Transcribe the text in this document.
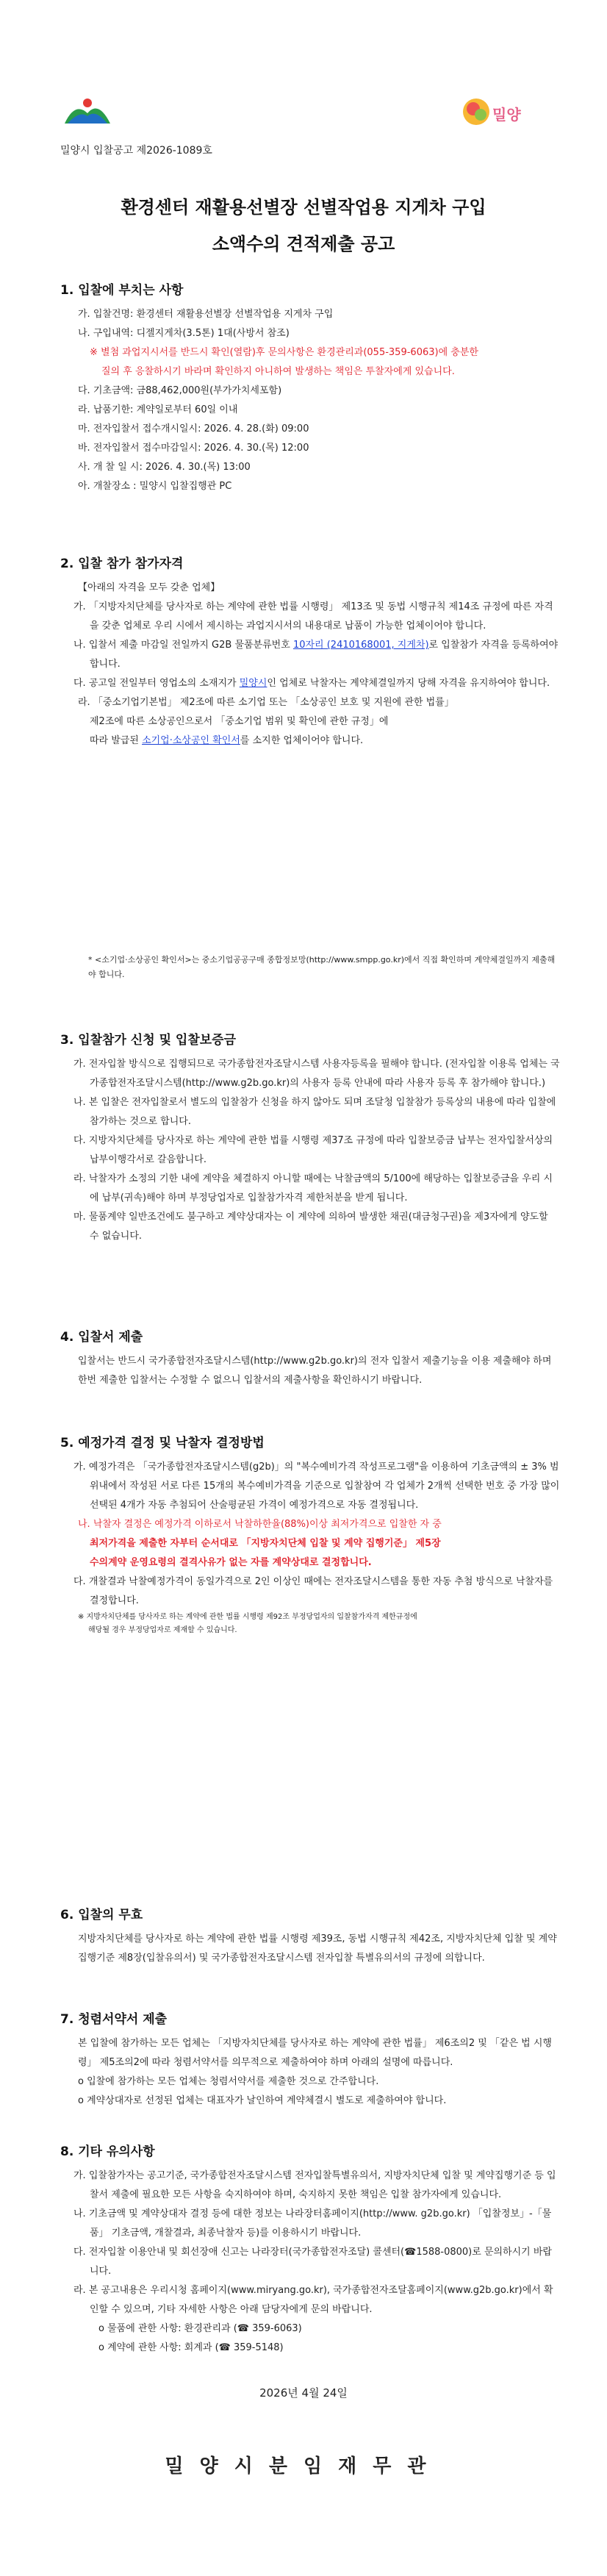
밀양
밀양시 입찰공고 제2026-1089호
환경센터 재활용선별장 선별작업용 지게차 구입
소액수의 견적제출 공고
1. 입찰에 부치는 사항

가. 입찰건명: 환경센터 재활용선별장 선별작업용 지게차 구입

나. 구입내역: 디젤지게차(3.5톤) 1대(사방서 참조)

※ 별첨 과업지시서를 반드시 확인(열람)후 문의사항은 환경관리과(055-359-6063)에 충분한

질의 후 응찰하시기 바라며 확인하지 아니하여 발생하는 책임은 투찰자에게 있습니다.

다. 기초금액: 금88,462,000원(부가가치세포함)

라. 납품기한: 계약일로부터 60일 이내

마. 전자입찰서 접수개시일시: 2026. 4. 28.(화) 09:00

바. 전자입찰서 접수마감일시: 2026. 4. 30.(목) 12:00

사. 개 찰 일 시: 2026. 4. 30.(목) 13:00

아. 개찰장소 : 밀양시 입찰집행관 PC

2. 입찰 참가 참가자격

【아래의 자격을 모두 갖춘 업체】

가. 「지방자치단체를 당사자로 하는 계약에 관한 법률 시행령」 제13조 및 동법 시행규칙 제14조 규정에 따른 자격을 갖춘 업체로 우리 시에서 제시하는 과업지시서의 내용대로 납품이 가능한 업체이어야 합니다.

나. 입찰서 제출 마감일 전일까지 G2B 물품분류번호 10자리 (24101680​01, 지게차)로 입찰참가 자격을 등록하여야 합니다.

다. 공고일 전일부터 영업소의 소재지가 밀양시인 업체로 낙찰자는 계약체결일까지 당해 자격을 유지하여야 합니다.

라. 「중소기업기본법」 제2조에 따른 소기업 또는 「소상공인 보호 및 지원에 관한 법률」

제2조에 따른 소상공인으로서 「중소기업 범위 및 확인에 관한 규정」에

따라 발급된 소기업·소상공인 확인서를 소지한 업체이어야 합니다.

* <소기업·소상공인 확인서>는 중소기업공공구매 종합정보망(http://www.smpp.go.kr)에서 직접 확인하며 계약체결일까지 제출해야 합니다.
3. 입찰참가 신청 및 입찰보증금

가. 전자입찰 방식으로 집행되므로 국가종합전자조달시스템 사용자등록을 필해야 합니다. (전자입찰 이용록 업체는 국가종합전자조달시스템(http://www.g2b.go.kr)의 사용자 등록 안내에 따라 사용자 등록 후 참가해야 합니다.)

나. 본 입찰은 전자입찰로서 별도의 입찰참가 신청을 하지 않아도 되며 조달청 입찰참가 등록상의 내용에 따라 입찰에 참가하는 것으로 합니다.

다. 지방자치단체를 당사자로 하는 계약에 관한 법률 시행령 제37조 규정에 따라 입찰보증금 납부는 전자입찰서상의 납부이행각서로 갈음합니다.

라. 낙찰자가 소정의 기한 내에 계약을 체결하지 아니할 때에는 낙찰금액의 5/100에 해당하는 입찰보증금을 우리 시에 납부(귀속)해야 하며 부정당업자로 입찰참가자격 제한처분을 받게 됩니다.

마. 물품계약 일반조건에도 불구하고 계약상대자는 이 계약에 의하여 발생한 채권(대금청구권)을 제3자에게 양도할 수 없습니다.

4. 입찰서 제출

입찰서는 반드시 국가종합전자조달시스템(http://www.g2b.go.kr)의 전자 입찰서 제출기능을 이용 제출해야 하며 한번 제출한 입찰서는 수정할 수 없으니 입찰서의 제출사항을 확인하시기 바랍니다.

5. 예정가격 결정 및 낙찰자 결정방법

가. 예정가격은 「국가종합전자조달시스템(g2b)」의 "복수예비가격 작성프로그램"을 이용하여 기초금액의 ± 3% 범위내에서 작성된 서로 다른 15개의 복수예비가격을 기준으로 입찰참여 각 업체가 2개씩 선택한 번호 중 가장 많이 선택된 4개가 자동 추첨되어 산술평균된 가격이 예정가격으로 자동 결정됩니다.

나. 낙찰자 결정은 예정가격 이하로서 낙찰하한율(88%)이상 최저가격으로 입찰한 자 중

최저가격을 제출한 자부터 순서대로 「지방자치단체 입찰 및 계약 집행기준」 제5장

수의계약 운영요령의 결격사유가 없는 자를 계약상대로 결정합니다.

다. 개찰결과 낙찰예정가격이 동일가격으로 2인 이상인 때에는 전자조달시스템을 통한 자동 추첨 방식으로 낙찰자를 결정합니다.

※ 지방자치단체를 당사자로 하는 계약에 관한 법률 시행령 제92조 부정당업자의 입찰참가자격 제한규정에

해당될 경우 부정당업자로 제재할 수 있습니다.

6. 입찰의 무효

지방자치단체를 당사자로 하는 계약에 관한 법률 시행령 제39조, 동법 시행규칙 제42조, 지방자치단체 입찰 및 계약집행기준 제8장(입찰유의서) 및 국가종합전자조달시스템 전자입찰 특별유의서의 규정에 의합니다.

7. 청렴서약서 제출

본 입찰에 참가하는 모든 업체는 「지방자치단체를 당사자로 하는 계약에 관한 법률」 제6조의2 및 「같은 법 시행령」 제5조의2에 따라 청렴서약서를 의무적으로 제출하여야 하며 아래의 설명에 따릅니다.

o 입찰에 참가하는 모든 업체는 청렴서약서를 제출한 것으로 간주합니다.

o 계약상대자로 선정된 업체는 대표자가 날인하여 계약체결시 별도로 제출하여야 합니다.

8. 기타 유의사항

가. 입찰참가자는 공고기준, 국가종합전자조달시스템 전자입찰특별유의서, 지방자치단체 입찰 및 계약집행기준 등 입찰서 제출에 필요한 모든 사항을 숙지하여야 하며, 숙지하지 못한 책임은 입찰 참가자에게 있습니다.

나. 기초금액 및 계약상대자 결정 등에 대한 정보는 나라장터홈페이지(http://www. g2b.go.kr) 「입찰정보」-「물품」 기초금액, 개찰결과, 최종낙찰자 등)를 이용하시기 바랍니다.

다. 전자입찰 이용안내 및 회선장애 신고는 나라장터(국가종합전자조달) 콜센터(☎1588-0800)로 문의하시기 바랍니다.

라. 본 공고내용은 우리시청 홈페이지(www.miryang.go.kr), 국가종합전자조달홈페이지(www.g2b.go.kr)에서 확인할 수 있으며, 기타 자세한 사항은 아래 담당자에게 문의 바랍니다.

o 물품에 관한 사항: 환경관리과 (☎ 359-6063)

o 계약에 관한 사항: 회계과 (☎ 359-5148)

2026년 4월 24일
밀양시분임재무관
